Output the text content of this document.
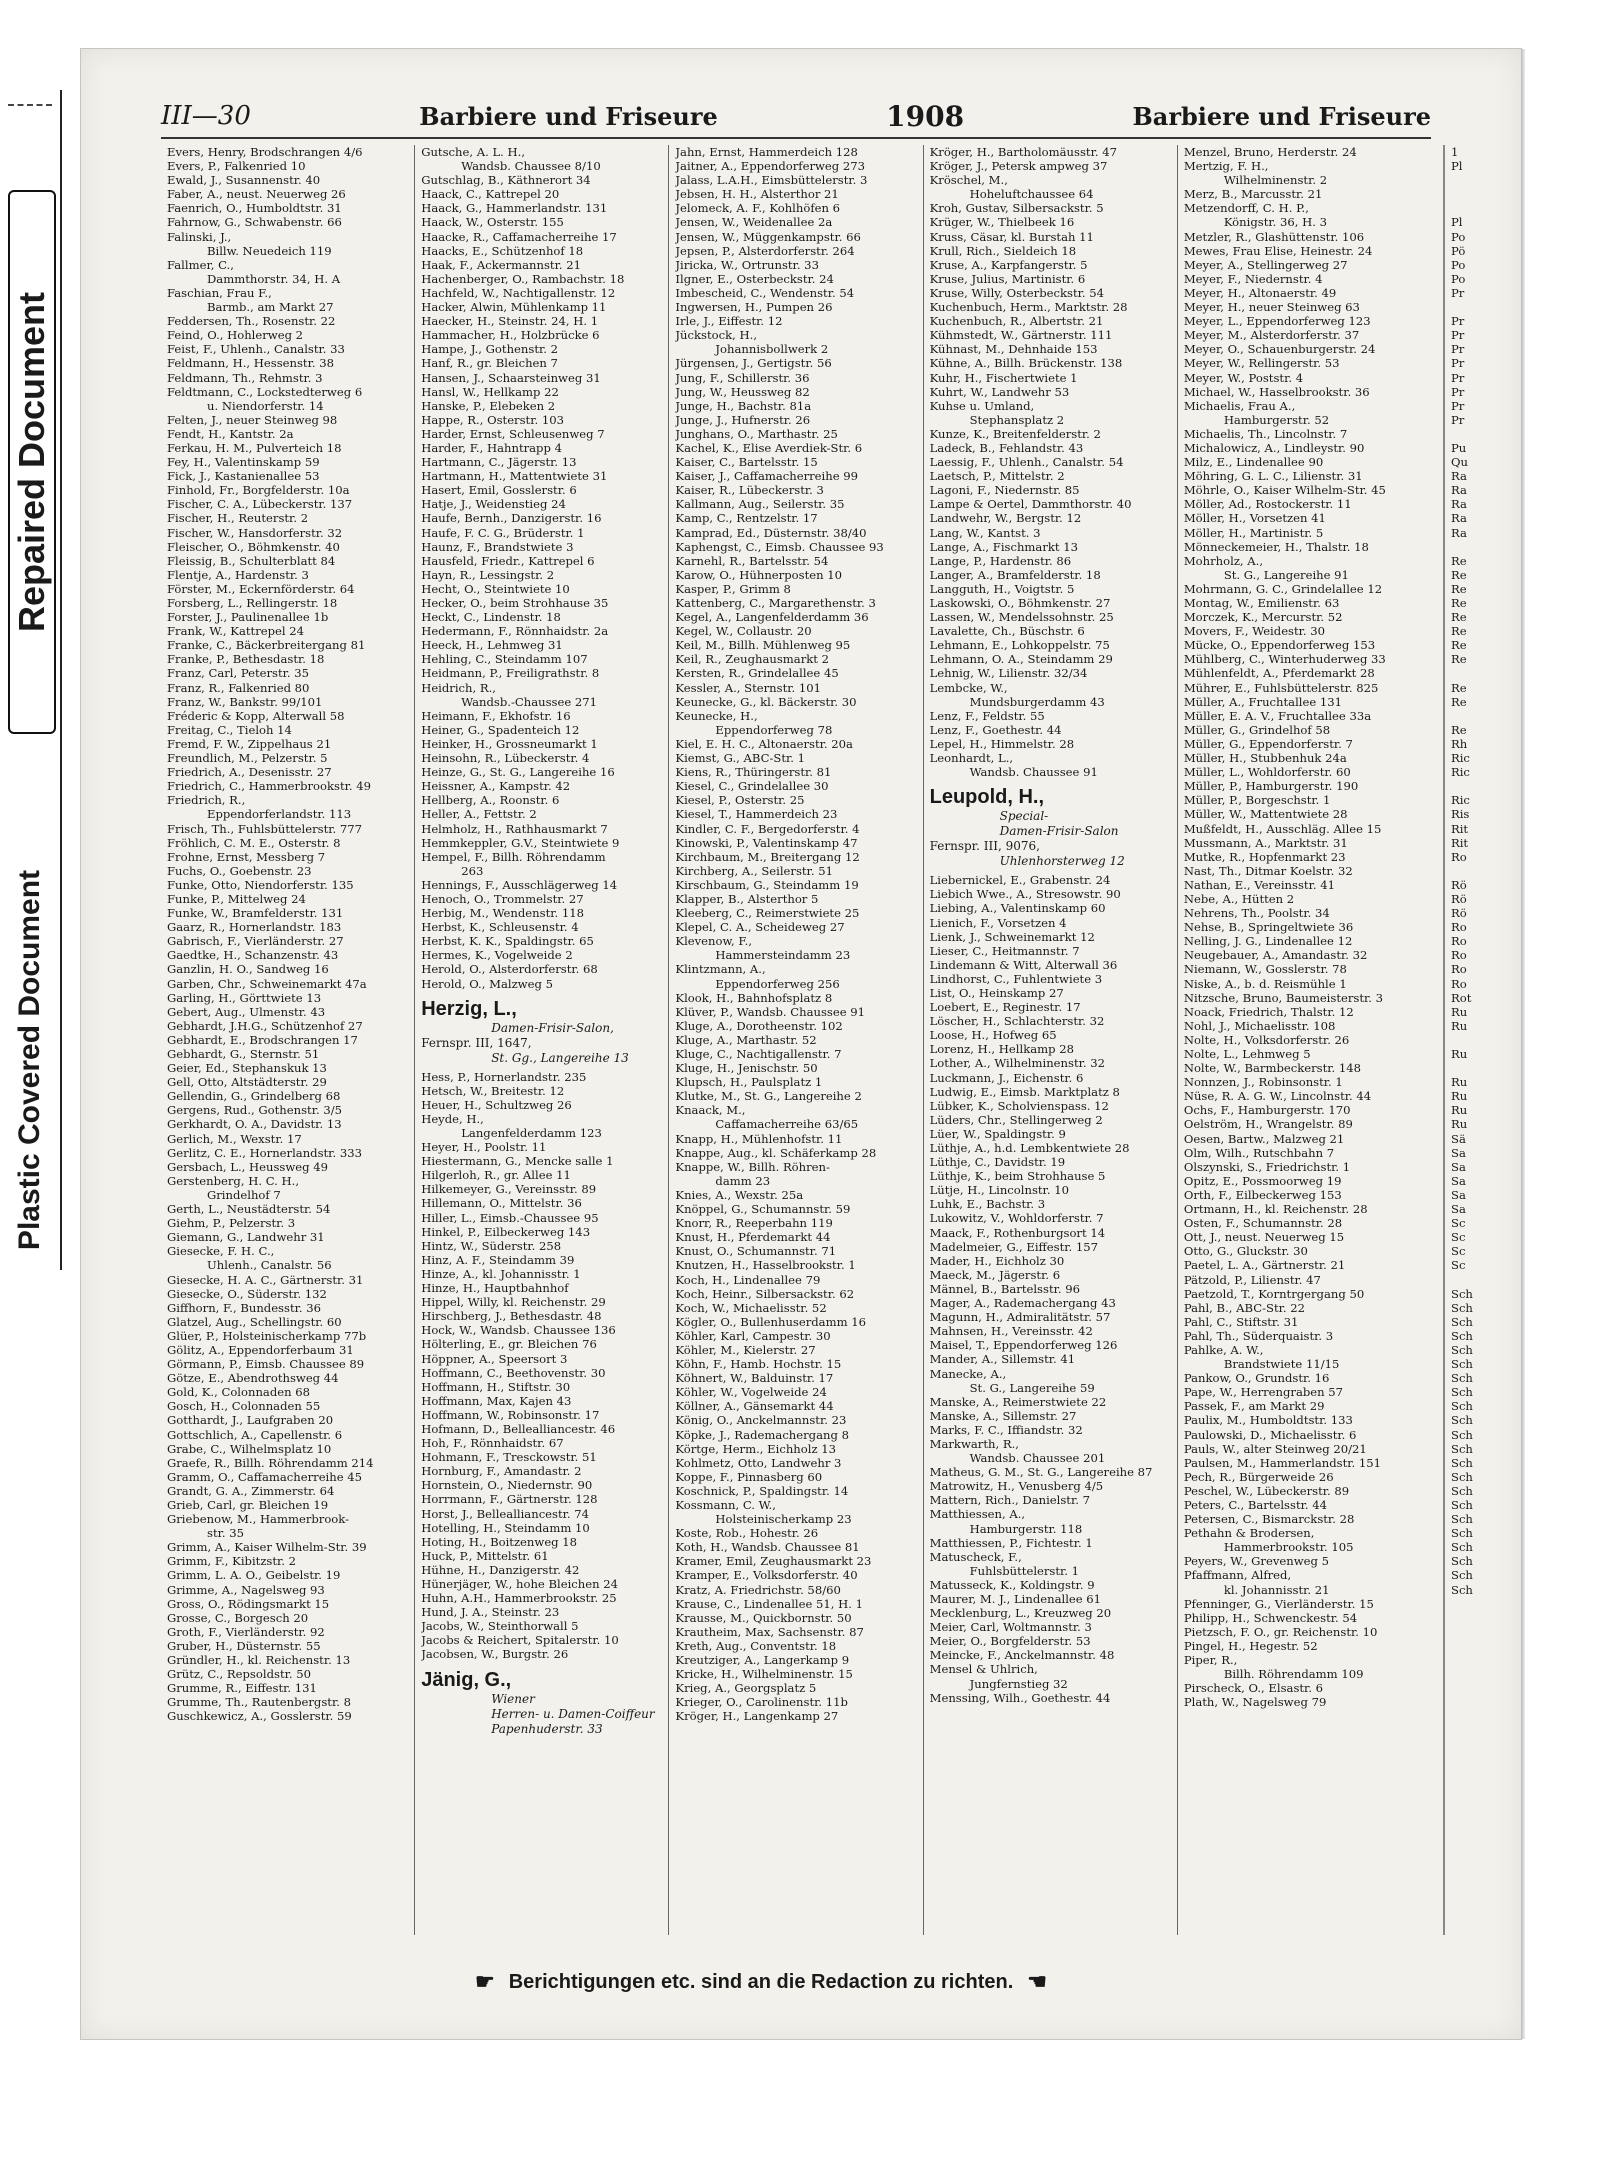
Repaired Document
Plastic Covered Document
III—30	Barbiere und Friseure	1908	Barbiere und Friseure
Evers, Henry, Brodschrangen 4/6
Evers, P., Falkenried 10
Ewald, J., Susannenstr. 40
Faber, A., neust. Neuerweg 26
Faenrich, O., Humboldtstr. 31
Fahrnow, G., Schwabenstr. 66
Falinski, J.,
Billw. Neuedeich 119
Fallmer, C.,
Dammthorstr. 34, H. A
Faschian, Frau F.,
Barmb., am Markt 27
Feddersen, Th., Rosenstr. 22
Feind, O., Hohlerweg 2
Feist, F., Uhlenh., Canalstr. 33
Feldmann, H., Hessenstr. 38
Feldmann, Th., Rehmstr. 3
Feldtmann, C., Lockstedterweg 6
u. Niendorferstr. 14
Felten, J., neuer Steinweg 98
Fendt, H., Kantstr. 2a
Ferkau, H. M., Pulverteich 18
Fey, H., Valentinskamp 59
Fick, J., Kastanienallee 53
Finhold, Fr., Borgfelderstr. 10a
Fischer, C. A., Lübeckerstr. 137
Fischer, H., Reuterstr. 2
Fischer, W., Hansdorferstr. 32
Fleischer, O., Böhmkenstr. 40
Fleissig, B., Schulterblatt 84
Flentje, A., Hardenstr. 3
Förster, M., Eckernförderstr. 64
Forsberg, L., Rellingerstr. 18
Forster, J., Paulinenallee 1b
Frank, W., Kattrepel 24
Franke, C., Bäckerbreitergang 81
Franke, P., Bethesdastr. 18
Franz, Carl, Peterstr. 35
Franz, R., Falkenried 80
Franz, W., Bankstr. 99/101
Fréderic & Kopp, Alterwall 58
Freitag, C., Tieloh 14
Fremd, F. W., Zippelhaus 21
Freundlich, M., Pelzerstr. 5
Friedrich, A., Desenisstr. 27
Friedrich, C., Hammerbrookstr. 49
Friedrich, R.,
Eppendorferlandstr. 113
Frisch, Th., Fuhlsbüttelerstr. 777
Fröhlich, C. M. E., Osterstr. 8
Frohne, Ernst, Messberg 7
Fuchs, O., Goebenstr. 23
Funke, Otto, Niendorferstr. 135
Funke, P., Mittelweg 24
Funke, W., Bramfelderstr. 131
Gaarz, R., Hornerlandstr. 183
Gabrisch, F., Vierländerstr. 27
Gaedtke, H., Schanzenstr. 43
Ganzlin, H. O., Sandweg 16
Garben, Chr., Schweinemarkt 47a
Garling, H., Görttwiete 13
Gebert, Aug., Ulmenstr. 43
Gebhardt, J.H.G., Schützenhof 27
Gebhardt, E., Brodschrangen 17
Gebhardt, G., Sternstr. 51
Geier, Ed., Stephanskuk 13
Gell, Otto, Altstädterstr. 29
Gellendin, G., Grindelberg 68
Gergens, Rud., Gothenstr. 3/5
Gerkhardt, O. A., Davidstr. 13
Gerlich, M., Wexstr. 17
Gerlitz, C. E., Hornerlandstr. 333
Gersbach, L., Heussweg 49
Gerstenberg, H. C. H.,
Grindelhof 7
Gerth, L., Neustädterstr. 54
Giehm, P., Pelzerstr. 3
Giemann, G., Landwehr 31
Giesecke, F. H. C.,
Uhlenh., Canalstr. 56
Giesecke, H. A. C., Gärtnerstr. 31
Giesecke, O., Süderstr. 132
Giffhorn, F., Bundesstr. 36
Glatzel, Aug., Schellingstr. 60
Glüer, P., Holsteinischerkamp 77b
Gölitz, A., Eppendorferbaum 31
Görmann, P., Eimsb. Chaussee 89
Götze, E., Abendrothsweg 44
Gold, K., Colonnaden 68
Gosch, H., Colonnaden 55
Gotthardt, J., Laufgraben 20
Gottschlich, A., Capellenstr. 6
Grabe, C., Wilhelmsplatz 10
Graefe, R., Billh. Röhrendamm 214
Gramm, O., Caffamacherreihe 45
Grandt, G. A., Zimmerstr. 64
Grieb, Carl, gr. Bleichen 19
Griebenow, M., Hammerbrook-
str. 35
Grimm, A., Kaiser Wilhelm-Str. 39
Grimm, F., Kibitzstr. 2
Grimm, L. A. O., Geibelstr. 19
Grimme, A., Nagelsweg 93
Gross, O., Rödingsmarkt 15
Grosse, C., Borgesch 20
Groth, F., Vierländerstr. 92
Gruber, H., Düsternstr. 55
Gründler, H., kl. Reichenstr. 13
Grütz, C., Repsoldstr. 50
Grumme, R., Eiffestr. 131
Grumme, Th., Rautenbergstr. 8
Guschkewicz, A., Gosslerstr. 59
Gutsche, A. L. H.,
Wandsb. Chaussee 8/10
Gutschlag, B., Käthnerort 34
Haack, C., Kattrepel 20
Haack, G., Hammerlandstr. 131
Haack, W., Osterstr. 155
Haacke, R., Caffamacherreihe 17
Haacks, E., Schützenhof 18
Haak, F., Ackermannstr. 21
Hachenberger, O., Rambachstr. 18
Hachfeld, W., Nachtigallenstr. 12
Hacker, Alwin, Mühlenkamp 11
Haecker, H., Steinstr. 24, H. 1
Hammacher, H., Holzbrücke 6
Hampe, J., Gothenstr. 2
Hanf, R., gr. Bleichen 7
Hansen, J., Schaarsteinweg 31
Hansl, W., Hellkamp 22
Hanske, P., Elebeken 2
Happe, R., Osterstr. 103
Harder, Ernst, Schleusenweg 7
Harder, F., Hahntrapp 4
Hartmann, C., Jägerstr. 13
Hartmann, H., Mattentwiete 31
Hasert, Emil, Gosslerstr. 6
Hatje, J., Weidenstieg 24
Haufe, Bernh., Danzigerstr. 16
Haufe, F. C. G., Brüderstr. 1
Haunz, F., Brandstwiete 3
Hausfeld, Friedr., Kattrepel 6
Hayn, R., Lessingstr. 2
Hecht, O., Steintwiete 10
Hecker, O., beim Strohhause 35
Heckt, C., Lindenstr. 18
Hedermann, F., Rönnhaidstr. 2a
Heeck, H., Lehmweg 31
Hehling, C., Steindamm 107
Heidmann, P., Freiligrathstr. 8
Heidrich, R.,
Wandsb.-Chaussee 271
Heimann, F., Ekhofstr. 16
Heiner, G., Spadenteich 12
Heinker, H., Grossneumarkt 1
Heinsohn, R., Lübeckerstr. 4
Heinze, G., St. G., Langereihe 16
Heissner, A., Kampstr. 42
Hellberg, A., Roonstr. 6
Heller, A., Fettstr. 2
Helmholz, H., Rathhausmarkt 7
Hemmkeppler, G.V., Steintwiete 9
Hempel, F., Billh. Röhrendamm
263
Hennings, F., Ausschlägerweg 14
Henoch, O., Trommelstr. 27
Herbig, M., Wendenstr. 118
Herbst, K., Schleusenstr. 4
Herbst, K. K., Spaldingstr. 65
Hermes, K., Vogelweide 2
Herold, O., Alsterdorferstr. 68
Herold, O., Malzweg 5
Herzig, L.,
Damen-Frisir-Salon,
Fernspr. III, 1647,
St. Gg., Langereihe 13
Hess, P., Hornerlandstr. 235
Hetsch, W., Breitestr. 12
Heuer, H., Schultzweg 26
Heyde, H.,
Langenfelderdamm 123
Heyer, H., Poolstr. 11
Hiestermann, G., Mencke salle 1
Hilgerloh, R., gr. Allee 11
Hilkemeyer, G., Vereinsstr. 89
Hillemann, O., Mittelstr. 36
Hiller, L., Eimsb.-Chaussee 95
Hinkel, P., Eilbeckerweg 143
Hintz, W., Süderstr. 258
Hinz, A. F., Steindamm 39
Hinze, A., kl. Johannisstr. 1
Hinze, H., Hauptbahnhof
Hippel, Willy, kl. Reichenstr. 29
Hirschberg, J., Bethesdastr. 48
Hock, W., Wandsb. Chaussee 136
Hölterling, E., gr. Bleichen 76
Höppner, A., Speersort 3
Hoffmann, C., Beethovenstr. 30
Hoffmann, H., Stiftstr. 30
Hoffmann, Max, Kajen 43
Hoffmann, W., Robinsonstr. 17
Hofmann, D., Bellealliancestr. 46
Hoh, F., Rönnhaidstr. 67
Hohmann, F., Tresckowstr. 51
Hornburg, F., Amandastr. 2
Hornstein, O., Niedernstr. 90
Horrmann, F., Gärtnerstr. 128
Horst, J., Bellealliancestr. 74
Hotelling, H., Steindamm 10
Hoting, H., Boitzenweg 18
Huck, P., Mittelstr. 61
Hühne, H., Danzigerstr. 42
Hünerjäger, W., hohe Bleichen 24
Huhn, A.H., Hammerbrookstr. 25
Hund, J. A., Steinstr. 23
Jacobs, W., Steinthorwall 5
Jacobs & Reichert, Spitalerstr. 10
Jacobsen, W., Burgstr. 26
Jänig, G.,
Wiener
Herren- u. Damen-Coiffeur
Papenhuderstr. 33
Jahn, Ernst, Hammerdeich 128
Jaitner, A., Eppendorferweg 273
Jalass, L.A.H., Eimsbüttelerstr. 3
Jebsen, H. H., Alsterthor 21
Jelomeck, A. F., Kohlhöfen 6
Jensen, W., Weidenallee 2a
Jensen, W., Müggenkampstr. 66
Jepsen, P., Alsterdorferstr. 264
Jiricka, W., Ortrunstr. 33
Ilgner, E., Osterbeckstr. 24
Imbescheid, C., Wendenstr. 54
Ingwersen, H., Pumpen 26
Irle, J., Eiffestr. 12
Jückstock, H.,
Johannisbollwerk 2
Jürgensen, J., Gertigstr. 56
Jung, F., Schillerstr. 36
Jung, W., Heussweg 82
Junge, H., Bachstr. 81a
Junge, J., Hufnerstr. 26
Junghans, O., Marthastr. 25
Kachel, K., Elise Averdiek-Str. 6
Kaiser, C., Bartelsstr. 15
Kaiser, J., Caffamacherreihe 99
Kaiser, R., Lübeckerstr. 3
Kallmann, Aug., Seilerstr. 35
Kamp, C., Rentzelstr. 17
Kamprad, Ed., Düsternstr. 38/40
Kaphengst, C., Eimsb. Chaussee 93
Karnehl, R., Bartelsstr. 54
Karow, O., Hühnerposten 10
Kasper, P., Grimm 8
Kattenberg, C., Margarethenstr. 3
Kegel, A., Langenfelderdamm 36
Kegel, W., Collaustr. 20
Keil, M., Billh. Mühlenweg 95
Keil, R., Zeughausmarkt 2
Kersten, R., Grindelallee 45
Kessler, A., Sternstr. 101
Keunecke, G., kl. Bäckerstr. 30
Keunecke, H.,
Eppendorferweg 78
Kiel, E. H. C., Altonaerstr. 20a
Kiemst, G., ABC-Str. 1
Kiens, R., Thüringerstr. 81
Kiesel, C., Grindelallee 30
Kiesel, P., Osterstr. 25
Kiesel, T., Hammerdeich 23
Kindler, C. F., Bergedorferstr. 4
Kinowski, P., Valentinskamp 47
Kirchbaum, M., Breitergang 12
Kirchberg, A., Seilerstr. 51
Kirschbaum, G., Steindamm 19
Klapper, B., Alsterthor 5
Kleeberg, C., Reimerstwiete 25
Klepel, C. A., Scheideweg 27
Klevenow, F.,
Hammersteindamm 23
Klintzmann, A.,
Eppendorferweg 256
Klook, H., Bahnhofsplatz 8
Klüver, P., Wandsb. Chaussee 91
Kluge, A., Dorotheenstr. 102
Kluge, A., Marthastr. 52
Kluge, C., Nachtigallenstr. 7
Kluge, H., Jenischstr. 50
Klupsch, H., Paulsplatz 1
Klutke, M., St. G., Langereihe 2
Knaack, M.,
Caffamacherreihe 63/65
Knapp, H., Mühlenhofstr. 11
Knappe, Aug., kl. Schäferkamp 28
Knappe, W., Billh. Röhren-
damm 23
Knies, A., Wexstr. 25a
Knöppel, G., Schumannstr. 59
Knorr, R., Reeperbahn 119
Knust, H., Pferdemarkt 44
Knust, O., Schumannstr. 71
Knutzen, H., Hasselbrookstr. 1
Koch, H., Lindenallee 79
Koch, Heinr., Silbersackstr. 62
Koch, W., Michaelisstr. 52
Kögler, O., Bullenhuserdamm 16
Köhler, Karl, Campestr. 30
Köhler, M., Kielerstr. 27
Köhn, F., Hamb. Hochstr. 15
Köhnert, W., Balduinstr. 17
Köhler, W., Vogelweide 24
Köllner, A., Gänsemarkt 44
König, O., Anckelmannstr. 23
Köpke, J., Rademachergang 8
Körtge, Herm., Eichholz 13
Kohlmetz, Otto, Landwehr 3
Koppe, F., Pinnasberg 60
Koschnick, P., Spaldingstr. 14
Kossmann, C. W.,
Holsteinischerkamp 23
Koste, Rob., Hohestr. 26
Koth, H., Wandsb. Chaussee 81
Kramer, Emil, Zeughausmarkt 23
Kramper, E., Volksdorferstr. 40
Kratz, A. Friedrichstr. 58/60
Krause, C., Lindenallee 51, H. 1
Krausse, M., Quickbornstr. 50
Krautheim, Max, Sachsenstr. 87
Kreth, Aug., Conventstr. 18
Kreutziger, A., Langerkamp 9
Kricke, H., Wilhelminenstr. 15
Krieg, A., Georgsplatz 5
Krieger, O., Carolinenstr. 11b
Kröger, H., Langenkamp 27
Kröger, H., Bartholomäusstr. 47
Kröger, J., Petersk ampweg 37
Kröschel, M.,
Hoheluftchaussee 64
Kroh, Gustav, Silbersackstr. 5
Krüger, W., Thielbeek 16
Kruss, Cäsar, kl. Burstah 11
Krull, Rich., Sieldeich 18
Kruse, A., Karpfangerstr. 5
Kruse, Julius, Martinistr. 6
Kruse, Willy, Osterbeckstr. 54
Kuchenbuch, Herm., Marktstr. 28
Kuchenbuch, R., Albertstr. 21
Kühmstedt, W., Gärtnerstr. 111
Kühnast, M., Dehnhaide 153
Kühne, A., Billh. Brückenstr. 138
Kuhr, H., Fischertwiete 1
Kuhrt, W., Landwehr 53
Kuhse u. Umland,
Stephansplatz 2
Kunze, K., Breitenfelderstr. 2
Ladeck, B., Fehlandstr. 43
Laessig, F., Uhlenh., Canalstr. 54
Laetsch, P., Mittelstr. 2
Lagoni, F., Niedernstr. 85
Lampe & Oertel, Dammthorstr. 40
Landwehr, W., Bergstr. 12
Lang, W., Kantst. 3
Lange, A., Fischmarkt 13
Lange, P., Hardenstr. 86
Langer, A., Bramfelderstr. 18
Langguth, H., Voigtstr. 5
Laskowski, O., Böhmkenstr. 27
Lassen, W., Mendelssohnstr. 25
Lavalette, Ch., Büschstr. 6
Lehmann, E., Lohkoppelstr. 75
Lehmann, O. A., Steindamm 29
Lehnig, W., Lilienstr. 32/34
Lembcke, W.,
Mundsburgerdamm 43
Lenz, F., Feldstr. 55
Lenz, F., Goethestr. 44
Lepel, H., Himmelstr. 28
Leonhardt, L.,
Wandsb. Chaussee 91
Leupold, H.,
Special-
Damen-Frisir-Salon
Fernspr. III, 9076,
Uhlenhorsterweg 12
Liebernickel, E., Grabenstr. 24
Liebich Wwe., A., Stresowstr. 90
Liebing, A., Valentinskamp 60
Lienich, F., Vorsetzen 4
Lienk, J., Schweinemarkt 12
Lieser, C., Heitmannstr. 7
Lindemann & Witt, Alterwall 36
Lindhorst, C., Fuhlentwiete 3
List, O., Heinskamp 27
Loebert, E., Reginestr. 17
Löscher, H., Schlachterstr. 32
Loose, H., Hofweg 65
Lorenz, H., Hellkamp 28
Lother, A., Wilhelminenstr. 32
Luckmann, J., Eichenstr. 6
Ludwig, E., Eimsb. Marktplatz 8
Lübker, K., Scholvienspass. 12
Lüders, Chr., Stellingerweg 2
Lüer, W., Spaldingstr. 9
Lüthje, A., h.d. Lembkentwiete 28
Lüthje, C., Davidstr. 19
Lüthje, K., beim Strohhause 5
Lütje, H., Lincolnstr. 10
Luhk, E., Bachstr. 3
Lukowitz, V., Wohldorferstr. 7
Maack, F., Rothenburgsort 14
Madelmeier, G., Eiffestr. 157
Mader, H., Eichholz 30
Maeck, M., Jägerstr. 6
Männel, B., Bartelsstr. 96
Mager, A., Rademachergang 43
Magunn, H., Admiralitätstr. 57
Mahnsen, H., Vereinsstr. 42
Maisel, T., Eppendorferweg 126
Mander, A., Sillemstr. 41
Manecke, A.,
St. G., Langereihe 59
Manske, A., Reimerstwiete 22
Manske, A., Sillemstr. 27
Marks, F. C., Iffiandstr. 32
Markwarth, R.,
Wandsb. Chaussee 201
Matheus, G. M., St. G., Langereihe 87
Matrowitz, H., Venusberg 4/5
Mattern, Rich., Danielstr. 7
Matthiessen, A.,
Hamburgerstr. 118
Matthiessen, P., Fichtestr. 1
Matuscheck, F.,
Fuhlsbüttelerstr. 1
Matusseck, K., Koldingstr. 9
Maurer, M. J., Lindenallee 61
Mecklenburg, L., Kreuzweg 20
Meier, Carl, Woltmannstr. 3
Meier, O., Borgfelderstr. 53
Meincke, F., Anckelmannstr. 48
Mensel & Uhlrich,
Jungfernstieg 32
Menssing, Wilh., Goethestr. 44
Menzel, Bruno, Herderstr. 24
Mertzig, F. H.,
Wilhelminenstr. 2
Merz, B., Marcusstr. 21
Metzendorff, C. H. P.,
Königstr. 36, H. 3
Metzler, R., Glashüttenstr. 106
Mewes, Frau Elise, Heinestr. 24
Meyer, A., Stellingerweg 27
Meyer, F., Niedernstr. 4
Meyer, H., Altonaerstr. 49
Meyer, H., neuer Steinweg 63
Meyer, L., Eppendorferweg 123
Meyer, M., Alsterdorferstr. 37
Meyer, O., Schauenburgerstr. 24
Meyer, W., Rellingerstr. 53
Meyer, W., Poststr. 4
Michael, W., Hasselbrookstr. 36
Michaelis, Frau A.,
Hamburgerstr. 52
Michaelis, Th., Lincolnstr. 7
Michalowicz, A., Lindleystr. 90
Milz, E., Lindenallee 90
Möhring, G. L. C., Lilienstr. 31
Möhrle, O., Kaiser Wilhelm-Str. 45
Möller, Ad., Rostockerstr. 11
Möller, H., Vorsetzen 41
Möller, H., Martinistr. 5
Mönneckemeier, H., Thalstr. 18
Mohrholz, A.,
St. G., Langereihe 91
Mohrmann, G. C., Grindelallee 12
Montag, W., Emilienstr. 63
Morczek, K., Mercurstr. 52
Movers, F., Weidestr. 30
Mücke, O., Eppendorferweg 153
Mühlberg, C., Winterhuderweg 33
Mühlenfeldt, A., Pferdemarkt 28
Mührer, E., Fuhlsbüttelerstr. 825
Müller, A., Fruchtallee 131
Müller, E. A. V., Fruchtallee 33a
Müller, G., Grindelhof 58
Müller, G., Eppendorferstr. 7
Müller, H., Stubbenhuk 24a
Müller, L., Wohldorferstr. 60
Müller, P., Hamburgerstr. 190
Müller, P., Borgeschstr. 1
Müller, W., Mattentwiete 28
Mußfeldt, H., Ausschläg. Allee 15
Mussmann, A., Marktstr. 31
Mutke, R., Hopfenmarkt 23
Nast, Th., Ditmar Koelstr. 32
Nathan, E., Vereinsstr. 41
Nebe, A., Hütten 2
Nehrens, Th., Poolstr. 34
Nehse, B., Springeltwiete 36
Nelling, J. G., Lindenallee 12
Neugebauer, A., Amandastr. 32
Niemann, W., Gosslerstr. 78
Niske, A., b. d. Reismühle 1
Nitzsche, Bruno, Baumeisterstr. 3
Noack, Friedrich, Thalstr. 12
Nohl, J., Michaelisstr. 108
Nolte, H., Volksdorferstr. 26
Nolte, L., Lehmweg 5
Nolte, W., Barmbeckerstr. 148
Nonnzen, J., Robinsonstr. 1
Nüse, R. A. G. W., Lincolnstr. 44
Ochs, F., Hamburgerstr. 170
Oelström, H., Wrangelstr. 89
Oesen, Bartw., Malzweg 21
Olm, Wilh., Rutschbahn 7
Olszynski, S., Friedrichstr. 1
Opitz, E., Possmoorweg 19
Orth, F., Eilbeckerweg 153
Ortmann, H., kl. Reichenstr. 28
Osten, F., Schumannstr. 28
Ott, J., neust. Neuerweg 15
Otto, G., Gluckstr. 30
Paetel, L. A., Gärtnerstr. 21
Pätzold, P., Lilienstr. 47
Paetzold, T., Korntrgergang 50
Pahl, B., ABC-Str. 22
Pahl, C., Stiftstr. 31
Pahl, Th., Süderquaistr. 3
Pahlke, A. W.,
Brandstwiete 11/15
Pankow, O., Grundstr. 16
Pape, W., Herrengraben 57
Passek, F., am Markt 29
Paulix, M., Humboldtstr. 133
Paulowski, D., Michaelisstr. 6
Pauls, W., alter Steinweg 20/21
Paulsen, M., Hammerlandstr. 151
Pech, R., Bürgerweide 26
Peschel, W., Lübeckerstr. 89
Peters, C., Bartelsstr. 44
Petersen, C., Bismarckstr. 28
Pethahn & Brodersen,
Hammerbrookstr. 105
Peyers, W., Grevenweg 5
Pfaffmann, Alfred,
kl. Johannisstr. 21
Pfenninger, G., Vierländerstr. 15
Philipp, H., Schwenckestr. 54
Pietzsch, F. O., gr. Reichenstr. 10
Pingel, H., Hegestr. 52
Piper, R.,
Billh. Röhrendamm 109
Pirscheck, O., Elsastr. 6
Plath, W., Nagelsweg 79
1
Pl

Pl
Po
Pö
Po
Po
Pr

Pr
Pr
Pr
Pr
Pr
Pr
Pr
Pr

Pu
Qu
Ra
Ra
Ra
Ra
Ra

Re
Re
Re
Re
Re
Re
Re
Re

Re
Re

Re
Rh
Ric
Ric

Ric
Ris
Rit
Rit
Ro

Rö
Rö
Rö
Ro
Ro
Ro
Ro
Ro
Rot
Ru
Ru

Ru

Ru
Ru
Ru
Ru
Sä
Sa
Sa
Sa
Sa
Sa
Sc
Sc
Sc
Sc

Sch
Sch
Sch
Sch
Sch
Sch
Sch
Sch
Sch
Sch
Sch
Sch
Sch
Sch
Sch
Sch
Sch
Sch
Sch
Sch
Sch
Sch
☛ Berichtigungen etc. sind an die Redaction zu richten. ☚
